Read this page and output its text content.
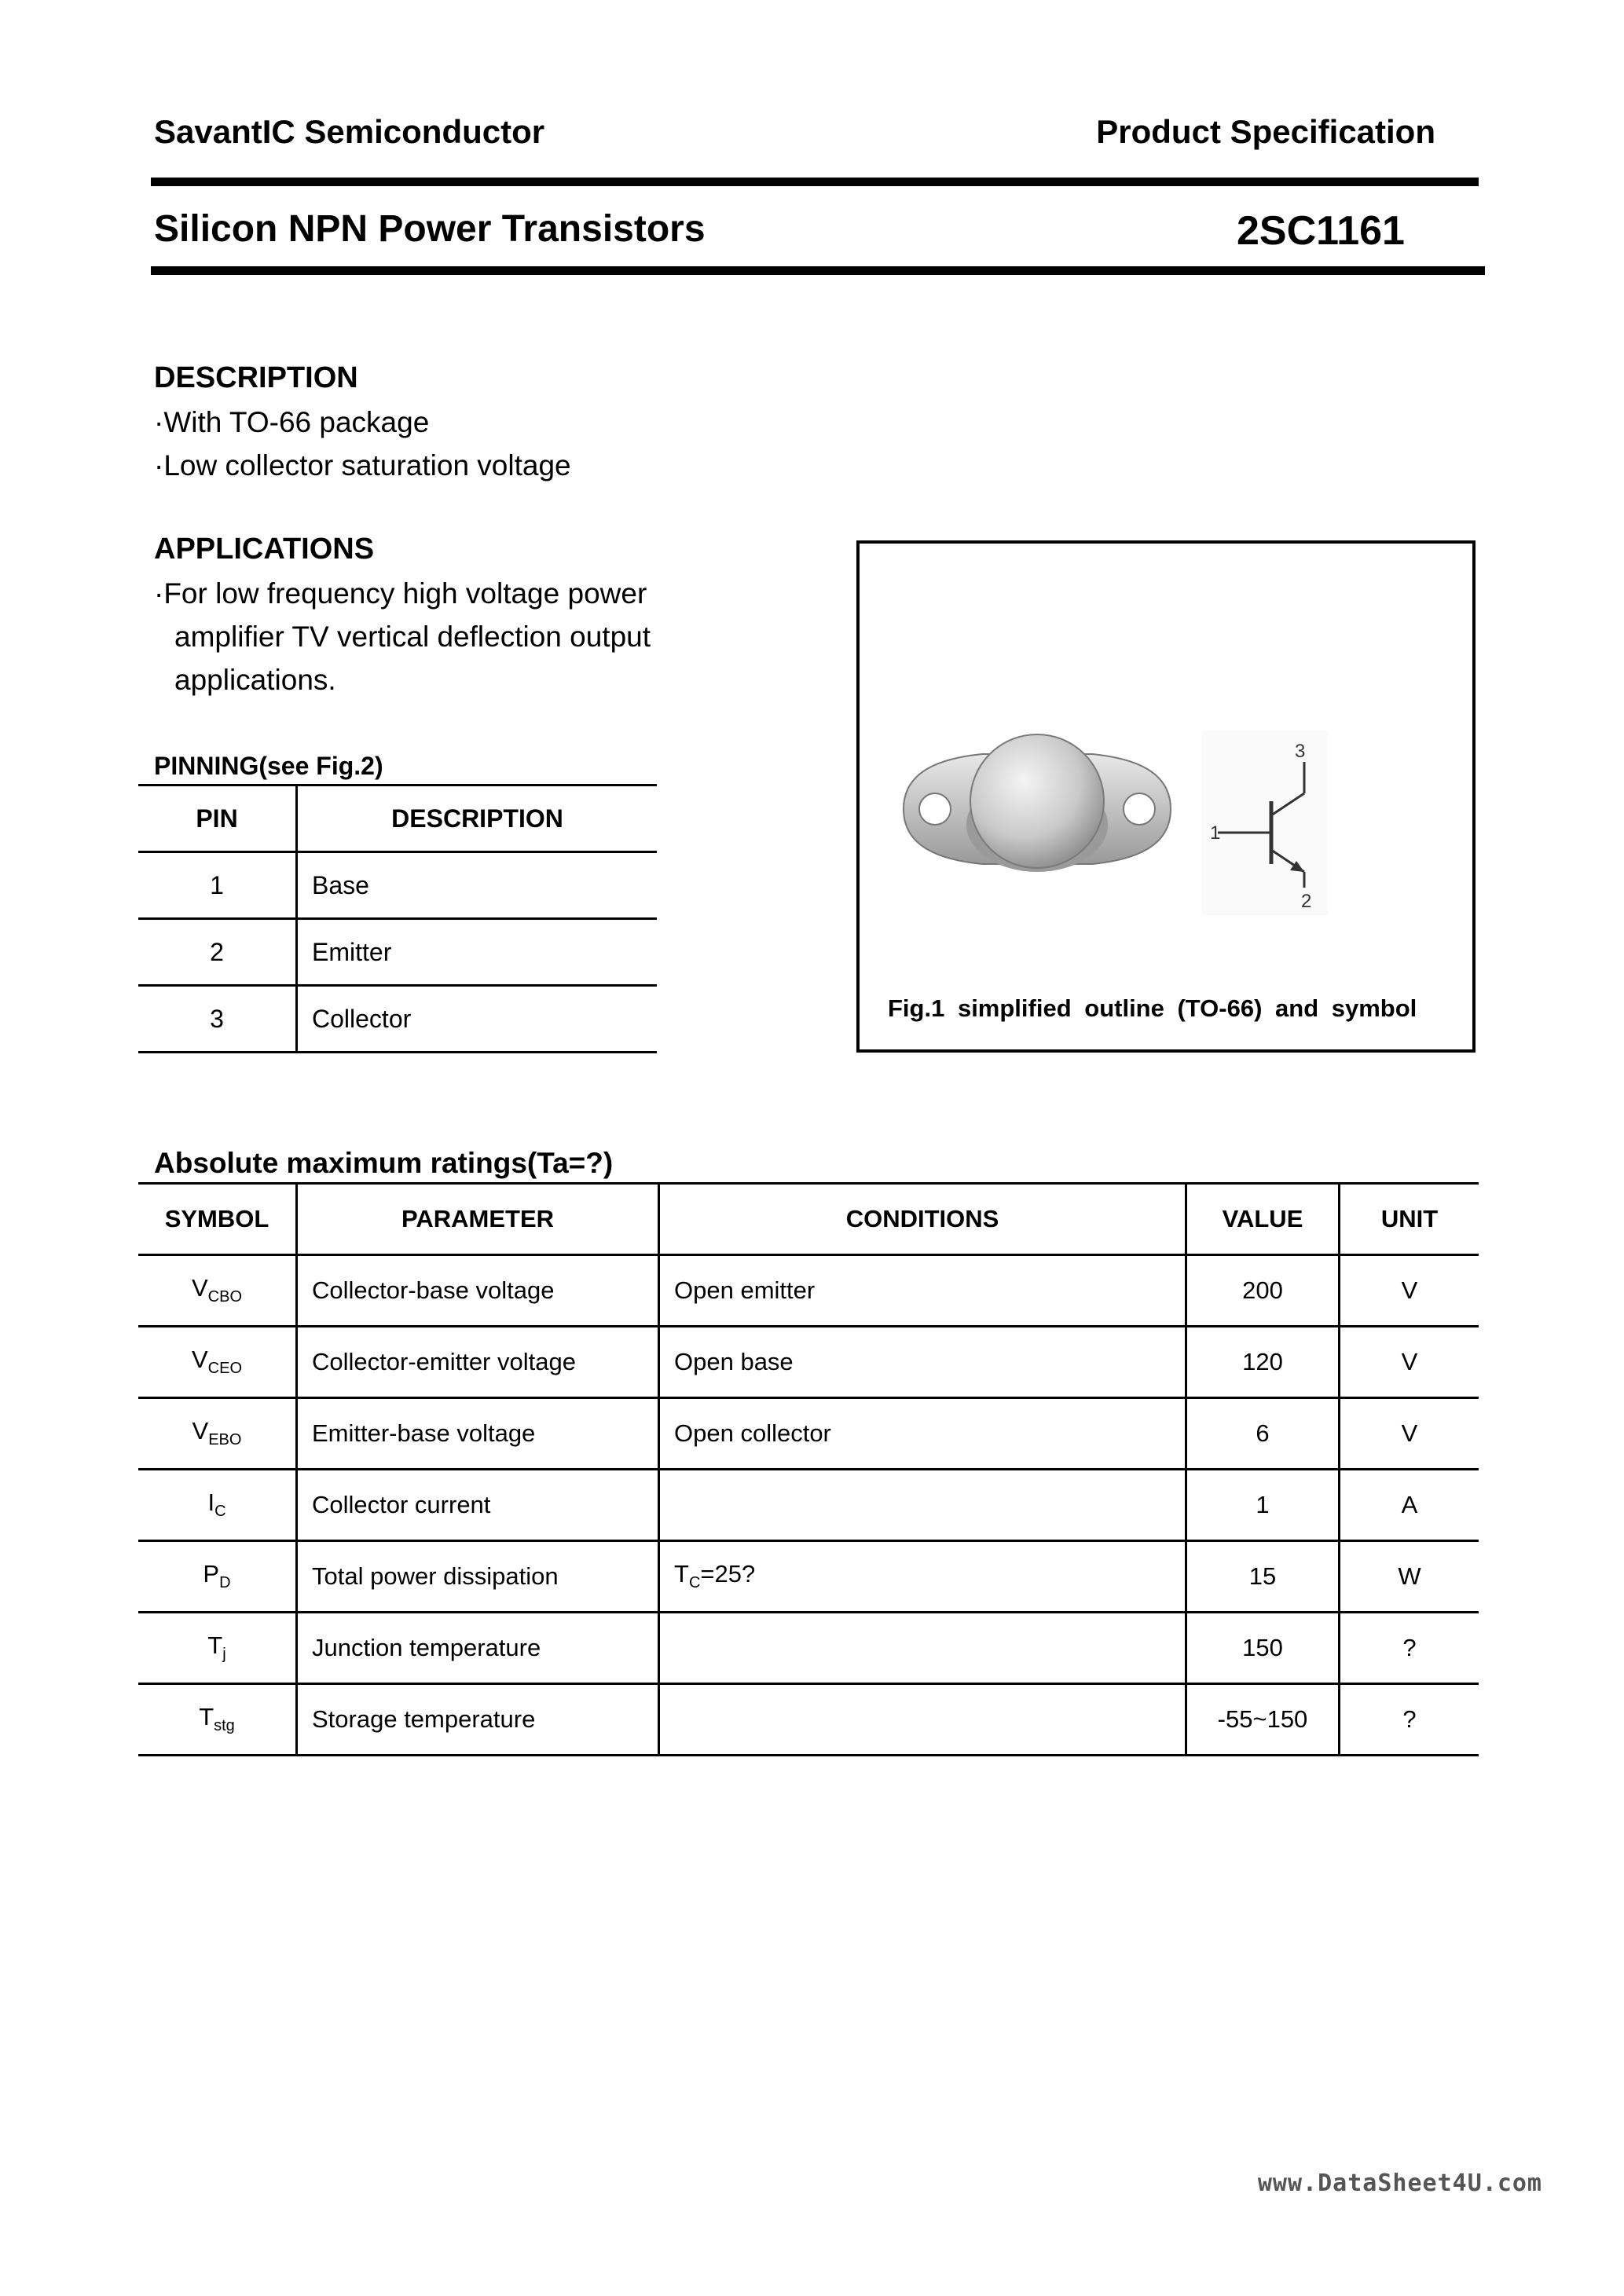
SavantIC Semiconductor	Product Specification
Silicon NPN Power Transistors	2SC1161
DESCRIPTION
·With TO-66 package
·Low collector saturation voltage
APPLICATIONS
·For low frequency high voltage power
amplifier TV vertical deflection output
applications.
PINNING(see Fig.2)
PIN	DESCRIPTION
1	Base
2	Emitter
3	Collector
1
2
3
Fig.1 simplified outline (TO-66) and symbol
Absolute maximum ratings(Ta=?)
SYMBOL	PARAMETER	CONDITIONS	VALUE	UNIT
$V_{CBO}$	Collector-base voltage	Open emitter	200	V
$V_{CEO}$	Collector-emitter voltage	Open base	120	V
$V_{EBO}$	Emitter-base voltage	Open collector	6	V
$I_C$	Collector current		1	A
$P_D$	Total power dissipation	$T_C=25$?	15	W
$T_j$	Junction temperature		150	?
$T_{stg}$	Storage temperature		-55~150	?
www.DataSheet4U.com
